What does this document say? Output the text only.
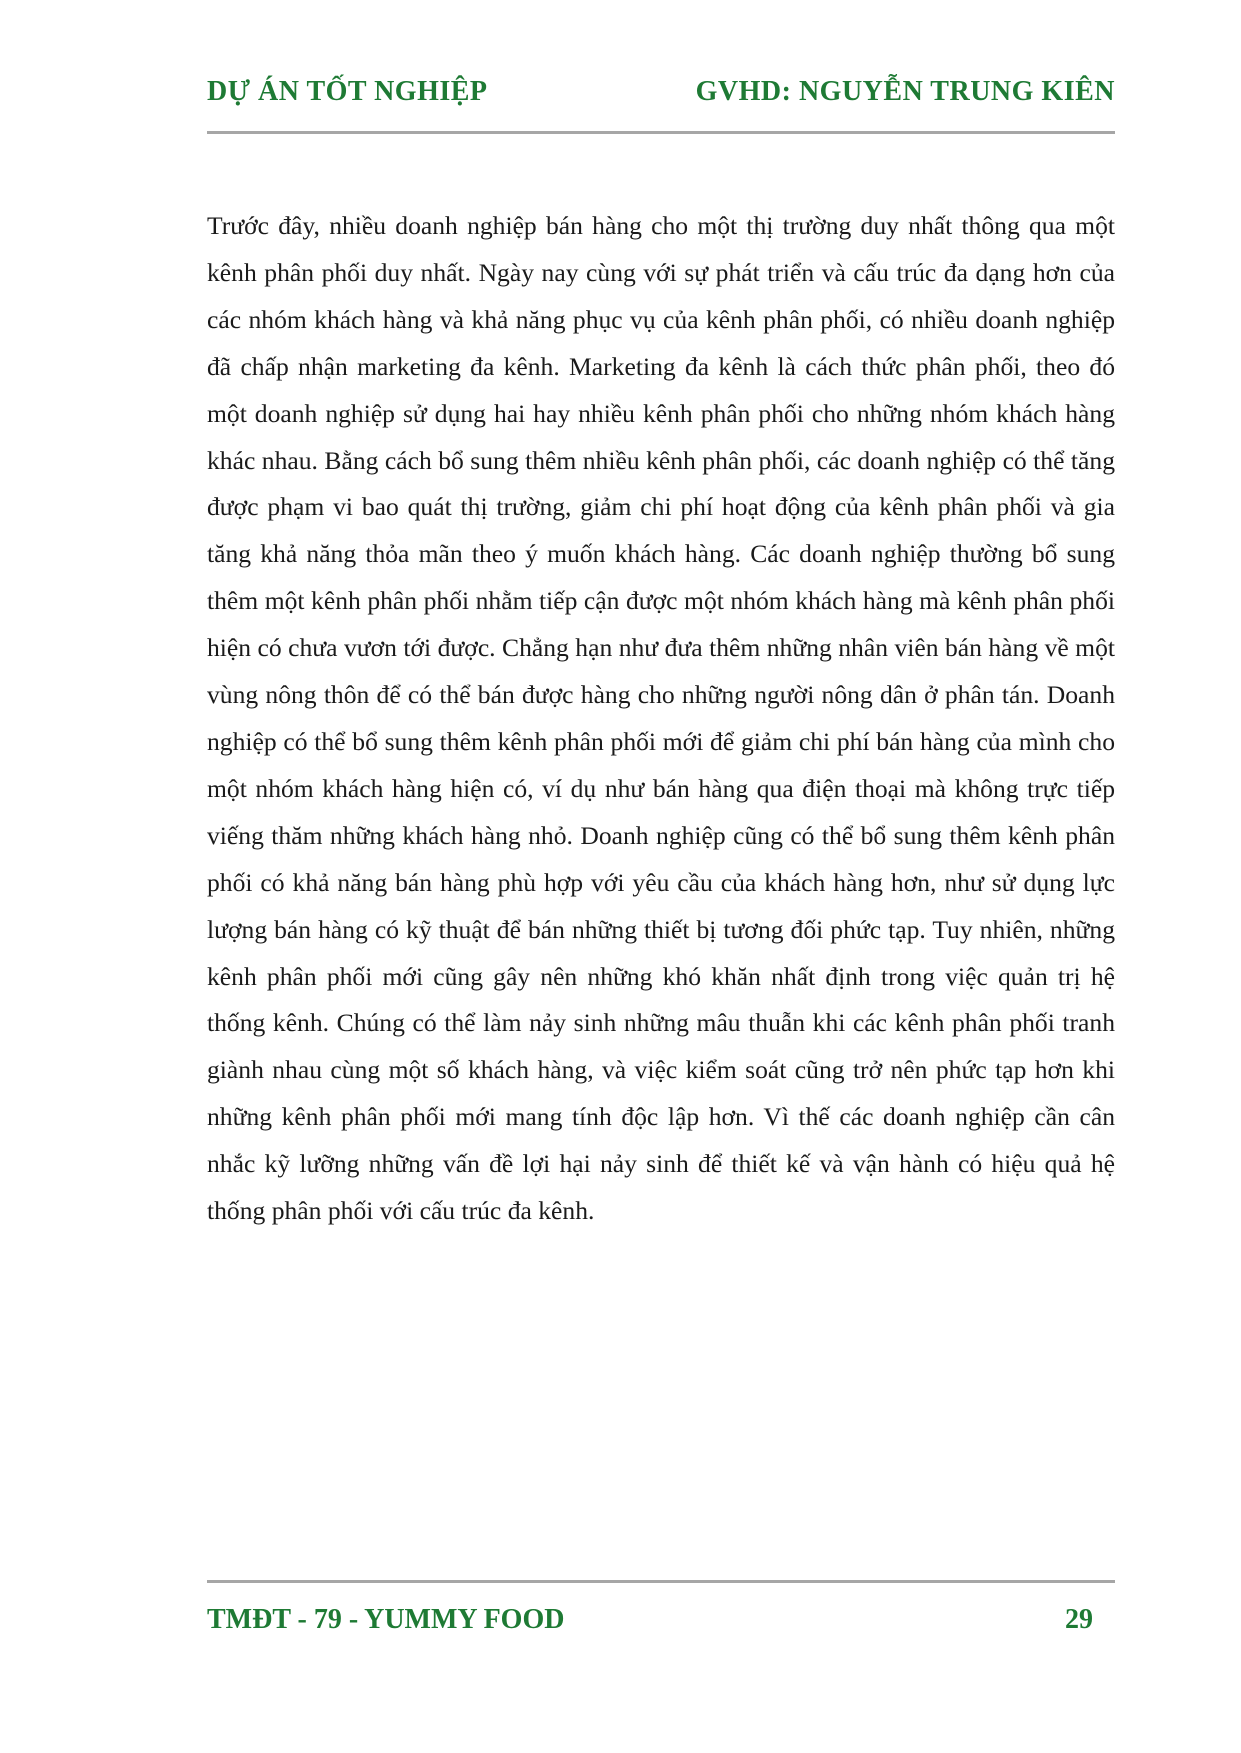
DỰ ÁN TỐT NGHIỆP	GVHD: NGUYỄN TRUNG KIÊN

Trước đây, nhiều doanh nghiệp bán hàng cho một thị trường duy nhất thông qua một kênh phân phối duy nhất. Ngày nay cùng với sự phát triển và cấu trúc đa dạng hơn của các nhóm khách hàng và khả năng phục vụ của kênh phân phối, có nhiều doanh nghiệp đã chấp nhận marketing đa kênh. Marketing đa kênh là cách thức phân phối, theo đó một doanh nghiệp sử dụng hai hay nhiều kênh phân phối cho những nhóm khách hàng khác nhau. Bằng cách bổ sung thêm nhiều kênh phân phối, các doanh nghiệp có thể tăng được phạm vi bao quát thị trường, giảm chi phí hoạt động của kênh phân phối và gia tăng khả năng thỏa mãn theo ý muốn khách hàng. Các doanh nghiệp thường bổ sung thêm một kênh phân phối nhằm tiếp cận được một nhóm khách hàng mà kênh phân phối hiện có chưa vươn tới được. Chẳng hạn như đưa thêm những nhân viên bán hàng về một vùng nông thôn để có thể bán được hàng cho những người nông dân ở phân tán. Doanh nghiệp có thể bổ sung thêm kênh phân phối mới để giảm chi phí bán hàng của mình cho một nhóm khách hàng hiện có, ví dụ như bán hàng qua điện thoại mà không trực tiếp viếng thăm những khách hàng nhỏ. Doanh nghiệp cũng có thể bổ sung thêm kênh phân phối có khả năng bán hàng phù hợp với yêu cầu của khách hàng hơn, như sử dụng lực lượng bán hàng có kỹ thuật để bán những thiết bị tương đối phức tạp. Tuy nhiên, những kênh phân phối mới cũng gây nên những khó khăn nhất định trong việc quản trị hệ thống kênh. Chúng có thể làm nảy sinh những mâu thuẫn khi các kênh phân phối tranh giành nhau cùng một số khách hàng, và việc kiểm soát cũng trở nên phức tạp hơn khi những kênh phân phối mới mang tính độc lập hơn. Vì thế các doanh nghiệp cần cân nhắc kỹ lưỡng những vấn đề lợi hại nảy sinh để thiết kế và vận hành có hiệu quả hệ thống phân phối với cấu trúc đa kênh.

TMĐT - 79 - YUMMY FOOD	29
